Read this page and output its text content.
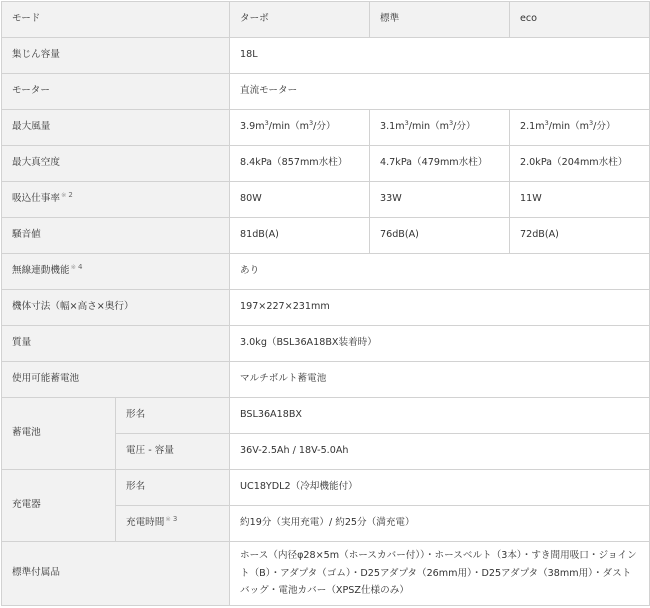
モード		ターボ	標準	eco
集じん容量		18L		
モーター		直流モーター		
最大風量		$3.9m^3/\min(m^3/$分）	$3.1m^3/\min(m^3/$分）	$2.1m^3/\min(m^3/$分）
最大真空度		8.4kPa（857mm水柱）	4.7kPa（479mm水柱）	2.0kPa（204mm水柱）
吸込仕事率※ $^2$		80W	33W	11W
騒音値		81dB(A)	76dB(A)	72dB(A)
無線連動機能※ $^4$		あり		
機体寸法（幅×高さ×奥行）		197×227×231mm		
質量		3.0kg（BSL36A18BX装着時）		
使用可能蓄電池		マルチボルト蓄電池		
蓄電池	形名	BSL36A18BX		
	電圧 - 容量	36V-2.5Ah / 18V-5.0Ah		
充電器	形名	UC18YDL2（冷却機能付）		
	充電時間※ $^3$	約19分（実用充電）/ 約25分（満充電）		
標準付属品		ホース（内径φ28×5m（ホースカバー付））・ホースベルト（3本）・すき間用吸口・ジョイント（B）・アダプタ（ゴム）・D25アダプタ（26mm用）・D25アダプタ（38mm用）・ダストバッグ・電池カバー（XPSZ仕様のみ）		
